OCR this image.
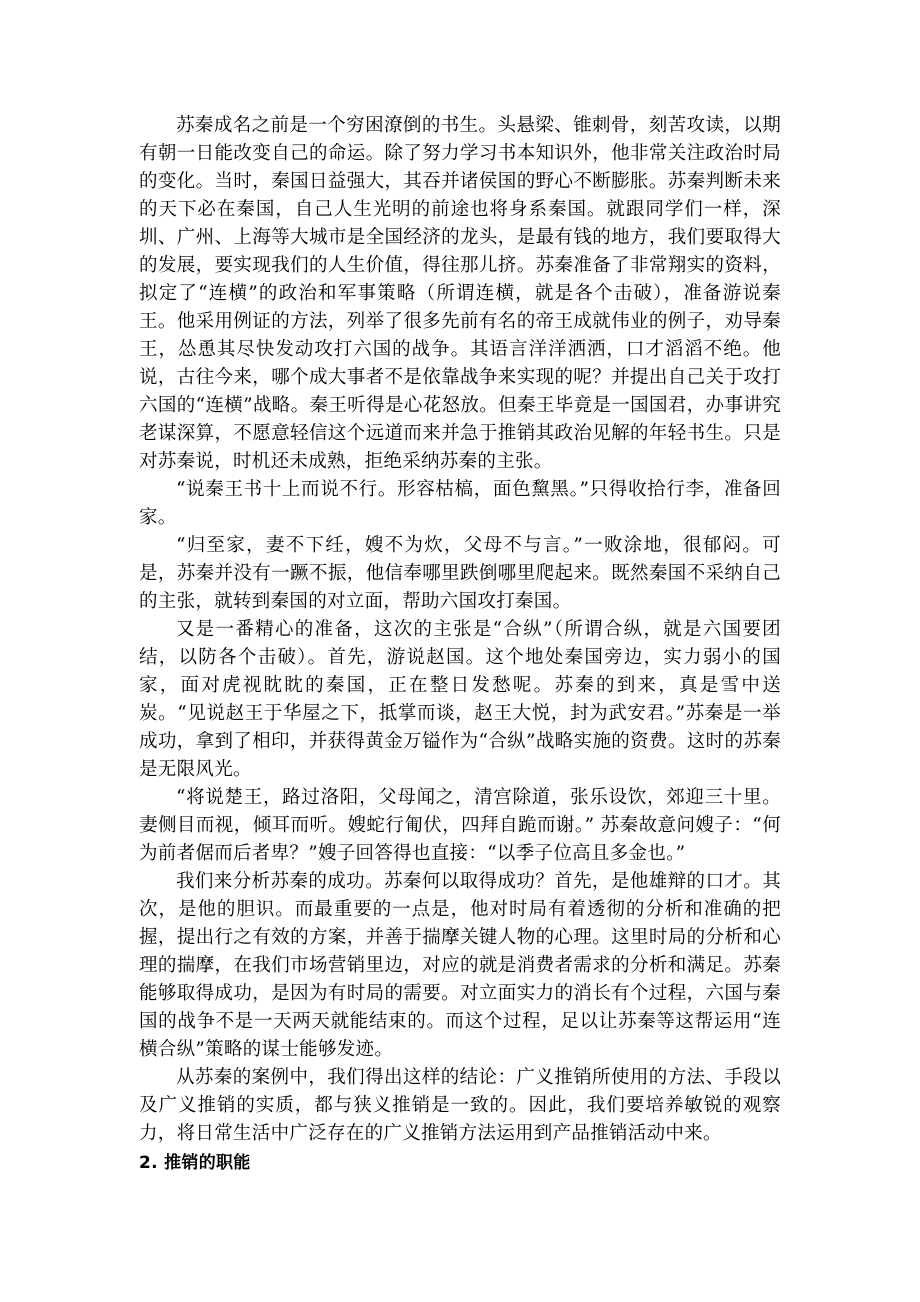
苏秦成名之前是一个穷困潦倒的书生。头悬梁、锥刺骨，刻苦攻读，以期有朝一日能改变自己的命运。除了努力学习书本知识外，他非常关注政治时局的变化。当时，秦国日益强大，其吞并诸侯国的野心不断膨胀。苏秦判断未来的天下必在秦国，自己人生光明的前途也将身系秦国。就跟同学们一样，深圳、广州、上海等大城市是全国经济的龙头，是最有钱的地方，我们要取得大的发展，要实现我们的人生价值，得往那儿挤。苏秦准备了非常翔实的资料，拟定了“连横”的政治和军事策略（所谓连横，就是各个击破），准备游说秦王。他采用例证的方法，列举了很多先前有名的帝王成就伟业的例子，劝导秦王，怂恿其尽快发动攻打六国的战争。其语言洋洋洒洒，口才滔滔不绝。他说，古往今来，哪个成大事者不是依靠战争来实现的呢？并提出自己关于攻打六国的“连横”战略。秦王听得是心花怒放。但秦王毕竟是一国国君，办事讲究老谋深算，不愿意轻信这个远道而来并急于推销其政治见解的年轻书生。只是对苏秦说，时机还未成熟，拒绝采纳苏秦的主张。

“说秦王书十上而说不行。形容枯槁，面色黧黑。”只得收拾行李，准备回家。

“归至家，妻不下纴，嫂不为炊，父母不与言。”一败涂地，很郁闷。可是，苏秦并没有一蹶不振，他信奉哪里跌倒哪里爬起来。既然秦国不采纳自己的主张，就转到秦国的对立面，帮助六国攻打秦国。

又是一番精心的准备，这次的主张是“合纵”（所谓合纵，就是六国要团结，以防各个击破）。首先，游说赵国。这个地处秦国旁边，实力弱小的国家，面对虎视眈眈的秦国，正在整日发愁呢。苏秦的到来，真是雪中送炭。“见说赵王于华屋之下，抵掌而谈，赵王大悦，封为武安君。”苏秦是一举成功，拿到了相印，并获得黄金万镒作为“合纵”战略实施的资费。这时的苏秦是无限风光。

“将说楚王，路过洛阳，父母闻之，清宫除道，张乐设饮，郊迎三十里。妻侧目而视，倾耳而听。嫂蛇行匍伏，四拜自跪而谢。” 苏秦故意问嫂子：“何为前者倨而后者卑？”嫂子回答得也直接：“以季子位高且多金也。”

我们来分析苏秦的成功。苏秦何以取得成功？首先，是他雄辩的口才。其次，是他的胆识。而最重要的一点是，他对时局有着透彻的分析和准确的把握，提出行之有效的方案，并善于揣摩关键人物的心理。这里时局的分析和心理的揣摩，在我们市场营销里边，对应的就是消费者需求的分析和满足。苏秦能够取得成功，是因为有时局的需要。对立面实力的消长有个过程，六国与秦国的战争不是一天两天就能结束的。而这个过程，足以让苏秦等这帮运用“连横合纵”策略的谋士能够发迹。

从苏秦的案例中，我们得出这样的结论：广义推销所使用的方法、手段以及广义推销的实质，都与狭义推销是一致的。因此，我们要培养敏锐的观察力，将日常生活中广泛存在的广义推销方法运用到产品推销活动中来。

2. 推销的职能
